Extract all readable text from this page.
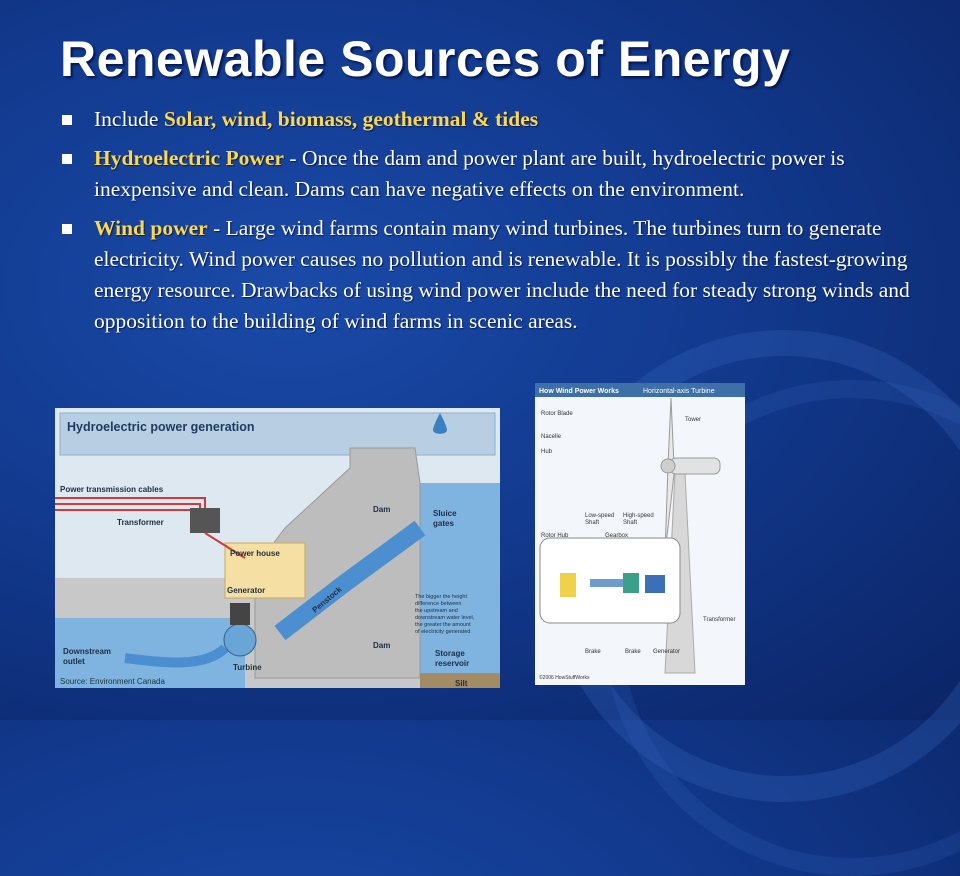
Renewable Sources of Energy
Include Solar, wind, biomass, geothermal & tides
Hydroelectric Power - Once the dam and power plant are built, hydroelectric power is inexpensive and clean. Dams can have negative effects on the environment.
Wind power - Large wind farms contain many wind turbines. The turbines turn to generate electricity. Wind power causes no pollution and is renewable. It is possibly the fastest-growing energy resource. Drawbacks of using wind power include the need for steady strong winds and opposition to the building of wind farms in scenic areas.
Hydroelectric power generation
Power transmission cables
Transformer
Dam	Sluice
gates
Power house
Generator	Penstock
Turbine
Downstream
outlet
Dam
Storage
reservoir
Silt
Source: Environment Canada
The bigger the height
difference between
the upstream and
downstream water level,
the greater the amount
of electricity generated
How Wind Power Works	Horizontal-axis Turbine
Rotor Blade
Tower
Nacelle
Hub
Low-speed
Shaft
High-speed
Shaft
Rotor Hub	Gearbox
Transformer
Brake	Brake Generator
©2006 HowStuffWorks
